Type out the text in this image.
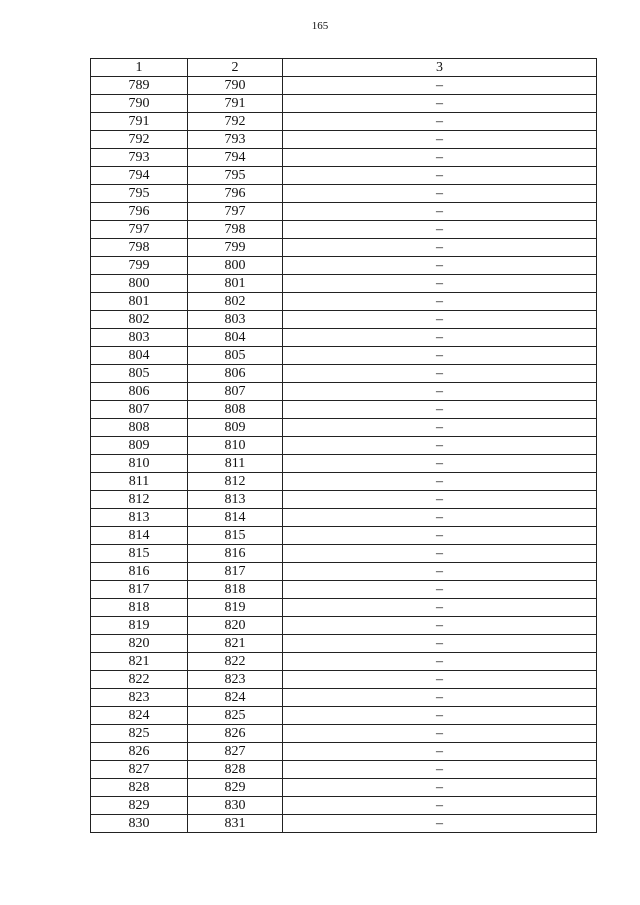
165
1	2	3
789	790	–
790	791	–
791	792	–
792	793	–
793	794	–
794	795	–
795	796	–
796	797	–
797	798	–
798	799	–
799	800	–
800	801	–
801	802	–
802	803	–
803	804	–
804	805	–
805	806	–
806	807	–
807	808	–
808	809	–
809	810	–
810	811	–
811	812	–
812	813	–
813	814	–
814	815	–
815	816	–
816	817	–
817	818	–
818	819	–
819	820	–
820	821	–
821	822	–
822	823	–
823	824	–
824	825	–
825	826	–
826	827	–
827	828	–
828	829	–
829	830	–
830	831	–
